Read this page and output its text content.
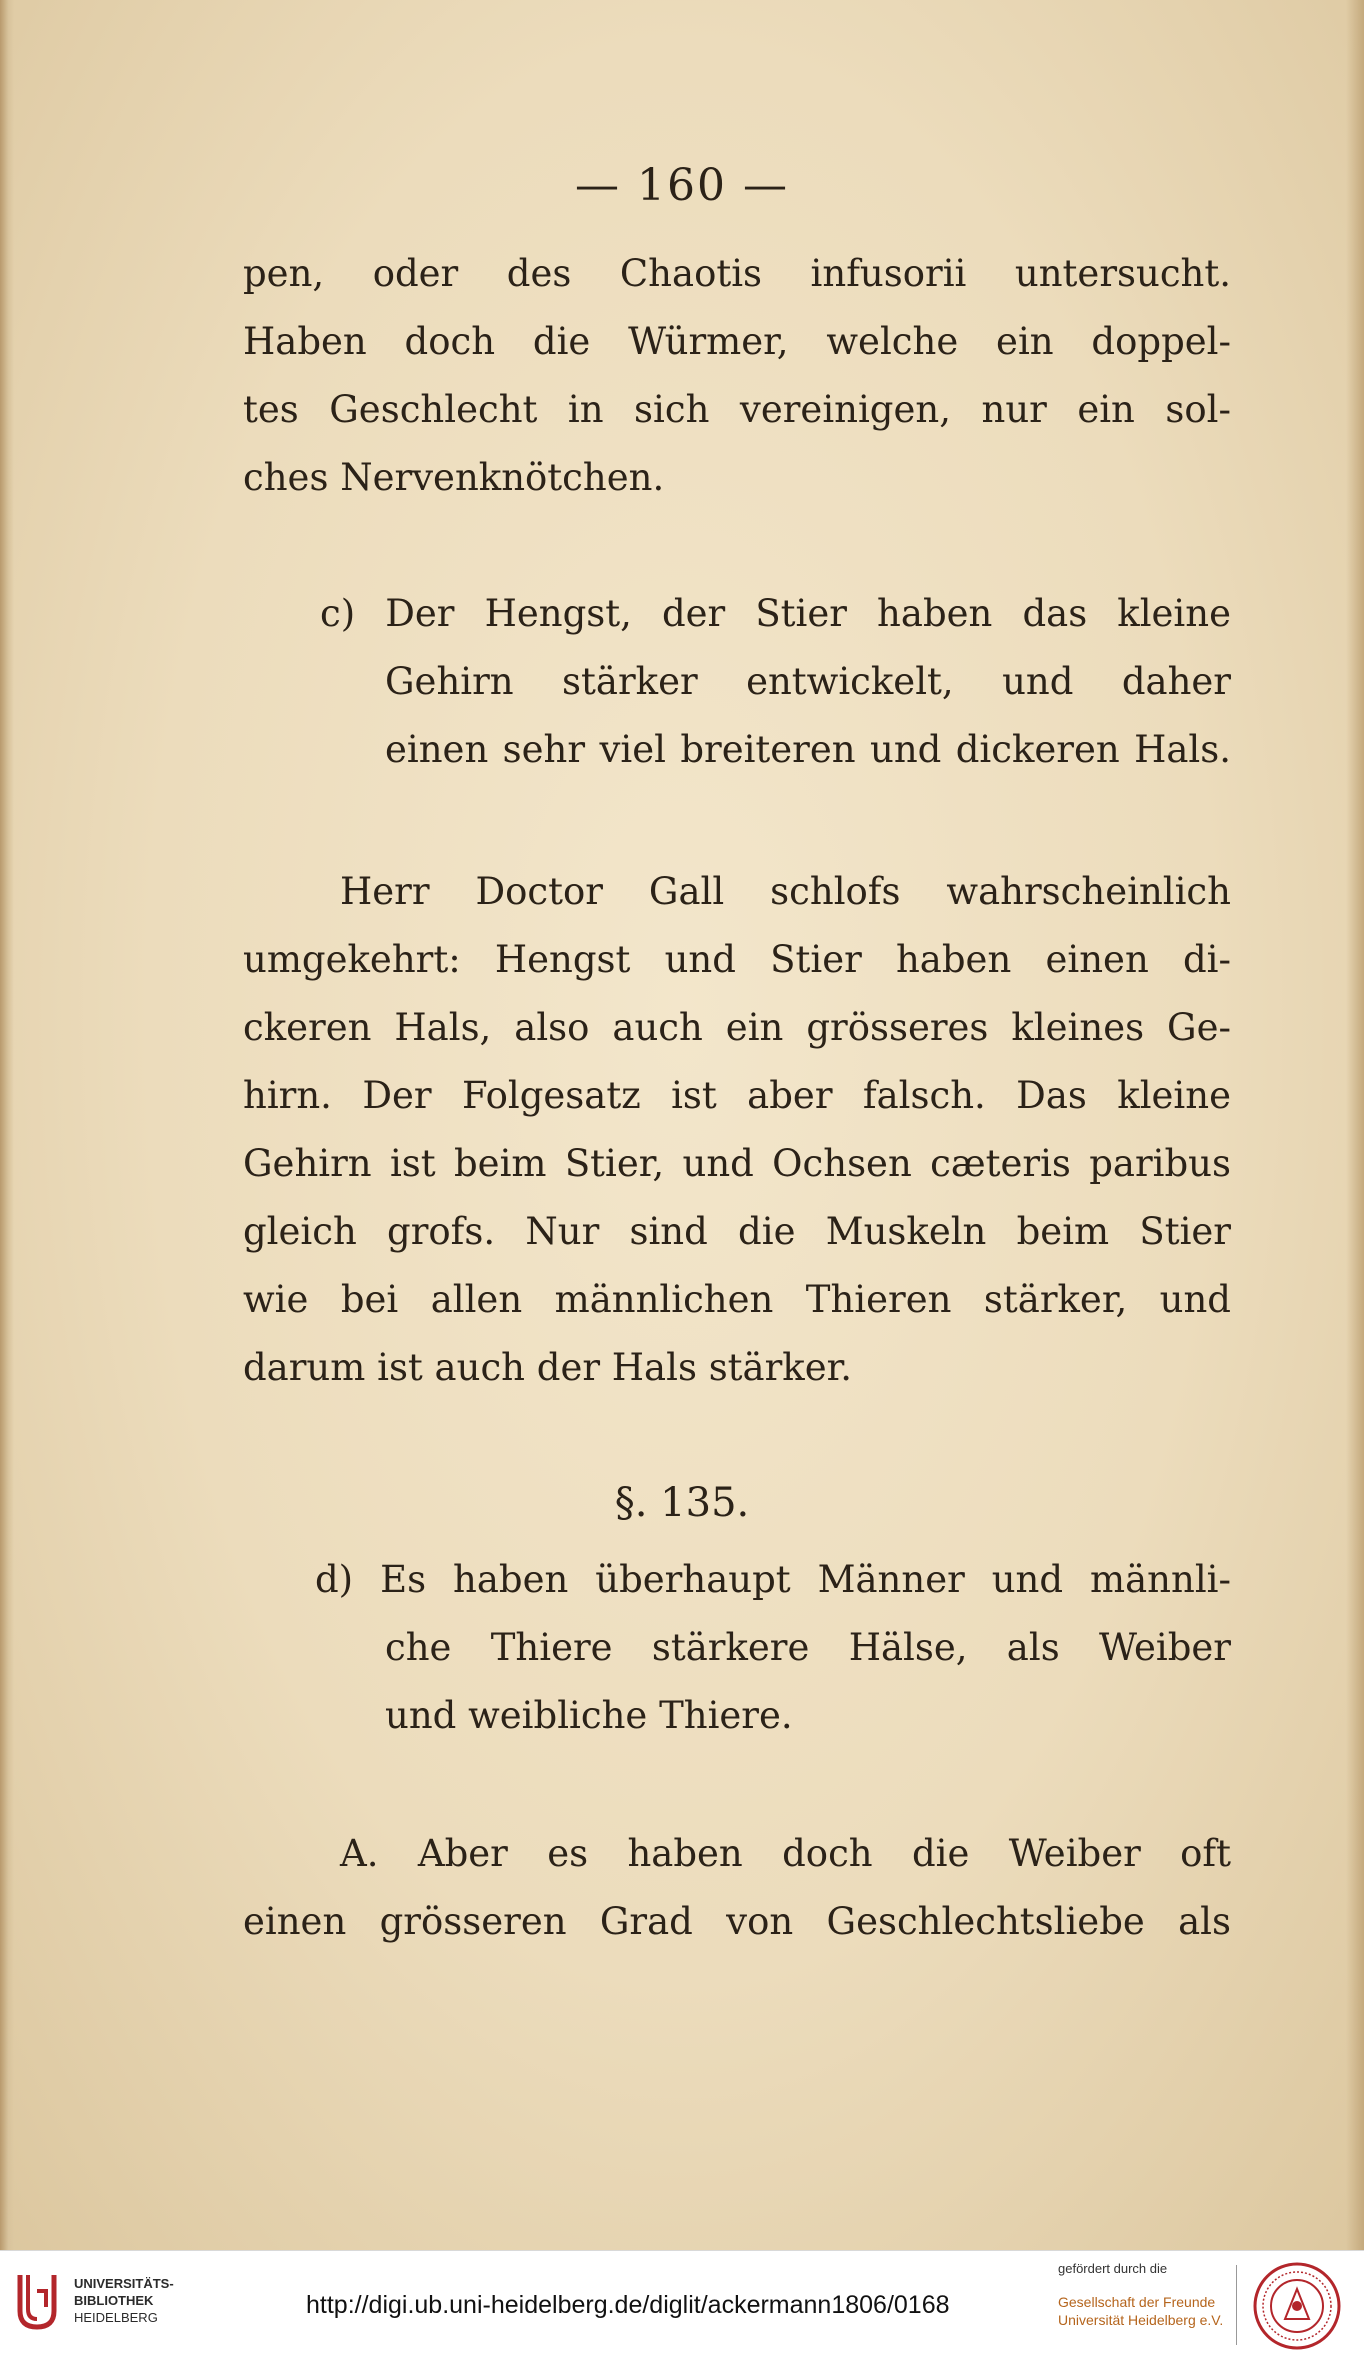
— 160 —
pen, oder des Chaotis infusorii untersucht.
Haben doch die Würmer, welche ein doppel-
tes Geschlecht in sich vereinigen, nur ein sol-
ches Nervenknötchen.
c) Der Hengst, der Stier haben das kleine
Gehirn stärker entwickelt, und daher
einen sehr viel breiteren und dickeren Hals.
Herr Doctor Gall schlofs wahrscheinlich
umgekehrt: Hengst und Stier haben einen di-
ckeren Hals, also auch ein grösseres kleines Ge-
hirn. Der Folgesatz ist aber falsch. Das kleine
Gehirn ist beim Stier, und Ochsen cæteris paribus
gleich grofs. Nur sind die Muskeln beim Stier
wie bei allen männlichen Thieren stärker, und
darum ist auch der Hals stärker.
§. 135.
d) Es haben überhaupt Männer und männli-
che Thiere stärkere Hälse, als Weiber
und weibliche Thiere.
A. Aber es haben doch die Weiber oft
einen grösseren Grad von Geschlechtsliebe als
UNIVERSITÄTS-
BIBLIOTHEK
HEIDELBERG	http://digi.ub.uni-heidelberg.de/diglit/ackermann1806/0168
gefördert durch die
Gesellschaft der Freunde
Universität Heidelberg e.V.
